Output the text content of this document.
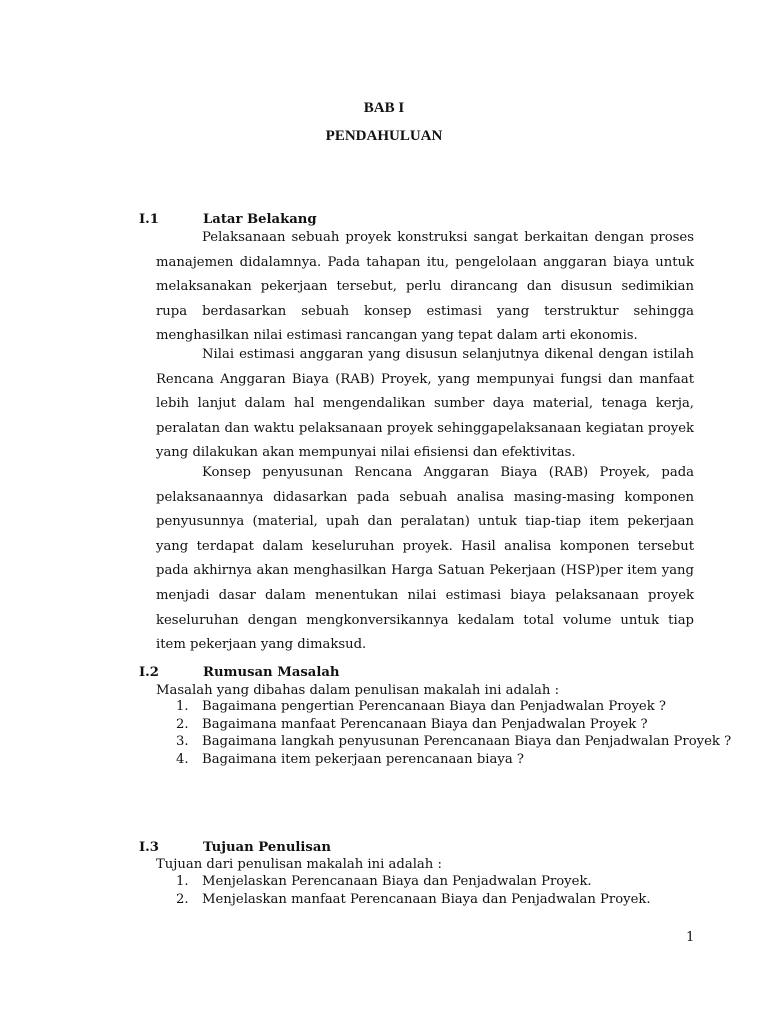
BAB I
PENDAHULUAN
I.1	Latar Belakang

Pelaksanaan sebuah proyek konstruksi sangat berkaitan dengan proses manajemen didalamnya. Pada tahapan itu, pengelolaan anggaran biaya untuk melaksanakan pekerjaan tersebut, perlu dirancang dan disusun sedimikian rupa berdasarkan sebuah konsep estimasi yang terstruktur sehingga menghasilkan nilai estimasi rancangan yang tepat dalam arti ekonomis.

Nilai estimasi anggaran yang disusun selanjutnya dikenal dengan istilah Rencana Anggaran Biaya (RAB) Proyek, yang mempunyai fungsi dan manfaat lebih lanjut dalam hal mengendalikan sumber daya material, tenaga kerja, peralatan dan waktu pelaksanaan proyek sehinggapelaksanaan kegiatan proyek yang dilakukan akan mempunyai nilai efisiensi dan efektivitas.

Konsep penyusunan Rencana Anggaran Biaya (RAB) Proyek, pada pelaksanaannya didasarkan pada sebuah analisa masing-masing komponen penyusunnya (material, upah dan peralatan) untuk tiap-tiap item pekerjaan yang terdapat dalam keseluruhan proyek. Hasil analisa komponen tersebut pada akhirnya akan menghasilkan Harga Satuan Pekerjaan (HSP)per item yang menjadi dasar dalam menentukan nilai estimasi biaya pelaksanaan proyek keseluruhan dengan mengkonversikannya kedalam total volume untuk tiap item pekerjaan yang dimaksud.

I.2	Rumusan Masalah
Masalah yang dibahas dalam penulisan makalah ini adalah :
1. Bagaimana pengertian Perencanaan Biaya dan Penjadwalan Proyek ?
2. Bagaimana manfaat Perencanaan Biaya dan Penjadwalan Proyek ?
3. Bagaimana langkah penyusunan Perencanaan Biaya dan Penjadwalan Proyek ?
4. Bagaimana item pekerjaan perencanaan biaya ?
I.3	Tujuan Penulisan
Tujuan dari penulisan makalah ini adalah :
1. Menjelaskan Perencanaan Biaya dan Penjadwalan Proyek.
2. Menjelaskan manfaat Perencanaan Biaya dan Penjadwalan Proyek.
1
